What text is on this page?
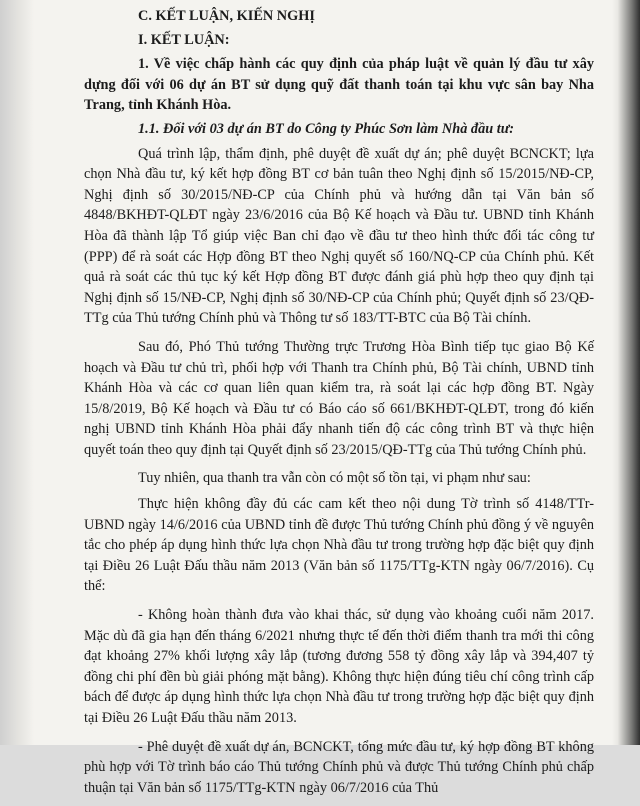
C. KẾT LUẬN, KIẾN NGHỊ

I. KẾT LUẬN:

1. Về việc chấp hành các quy định của pháp luật về quản lý đầu tư xây dựng đối với 06 dự án BT sử dụng quỹ đất thanh toán tại khu vực sân bay Nha Trang, tỉnh Khánh Hòa.

1.1. Đối với 03 dự án BT do Công ty Phúc Sơn làm Nhà đầu tư:

Quá trình lập, thẩm định, phê duyệt đề xuất dự án; phê duyệt BCNCKT; lựa chọn Nhà đầu tư, ký kết hợp đồng BT cơ bản tuân theo Nghị định số 15/2015/NĐ-CP, Nghị định số 30/2015/NĐ-CP của Chính phủ và hướng dẫn tại Văn bản số 4848/BKHĐT-QLĐT ngày 23/6/2016 của Bộ Kế hoạch và Đầu tư. UBND tỉnh Khánh Hòa đã thành lập Tổ giúp việc Ban chỉ đạo về đầu tư theo hình thức đối tác công tư (PPP) để rà soát các Hợp đồng BT theo Nghị quyết số 160/NQ-CP của Chính phủ. Kết quả rà soát các thủ tục ký kết Hợp đồng BT được đánh giá phù hợp theo quy định tại Nghị định số 15/NĐ-CP, Nghị định số 30/NĐ-CP của Chính phủ; Quyết định số 23/QĐ-TTg của Thủ tướng Chính phủ và Thông tư số 183/TT-BTC của Bộ Tài chính.

Sau đó, Phó Thủ tướng Thường trực Trương Hòa Bình tiếp tục giao Bộ Kế hoạch và Đầu tư chủ trì, phối hợp với Thanh tra Chính phủ, Bộ Tài chính, UBND tỉnh Khánh Hòa và các cơ quan liên quan kiểm tra, rà soát lại các hợp đồng BT. Ngày 15/8/2019, Bộ Kế hoạch và Đầu tư có Báo cáo số 661/BKHĐT-QLĐT, trong đó kiến nghị UBND tỉnh Khánh Hòa phải đẩy nhanh tiến độ các công trình BT và thực hiện quyết toán theo quy định tại Quyết định số 23/2015/QĐ-TTg của Thủ tướng Chính phủ.

Tuy nhiên, qua thanh tra vẫn còn có một số tồn tại, vi phạm như sau:

Thực hiện không đầy đủ các cam kết theo nội dung Tờ trình số 4148/TTr-UBND ngày 14/6/2016 của UBND tỉnh đề được Thủ tướng Chính phủ đồng ý về nguyên tắc cho phép áp dụng hình thức lựa chọn Nhà đầu tư trong trường hợp đặc biệt quy định tại Điều 26 Luật Đấu thầu năm 2013 (Văn bản số 1175/TTg-KTN ngày 06/7/2016). Cụ thể:

- Không hoàn thành đưa vào khai thác, sử dụng vào khoảng cuối năm 2017. Mặc dù đã gia hạn đến tháng 6/2021 nhưng thực tế đến thời điểm thanh tra mới thi công đạt khoảng 27% khối lượng xây lắp (tương đương 558 tỷ đồng xây lắp và 394,407 tỷ đồng chi phí đền bù giải phóng mặt bằng). Không thực hiện đúng tiêu chí công trình cấp bách để được áp dụng hình thức lựa chọn Nhà đầu tư trong trường hợp đặc biệt quy định tại Điều 26 Luật Đấu thầu năm 2013.

- Phê duyệt đề xuất dự án, BCNCKT, tổng mức đầu tư, ký hợp đồng BT không phù hợp với Tờ trình báo cáo Thủ tướng Chính phủ và được Thủ tướng Chính phủ chấp thuận tại Văn bản số 1175/TTg-KTN ngày 06/7/2016 của Thủ
